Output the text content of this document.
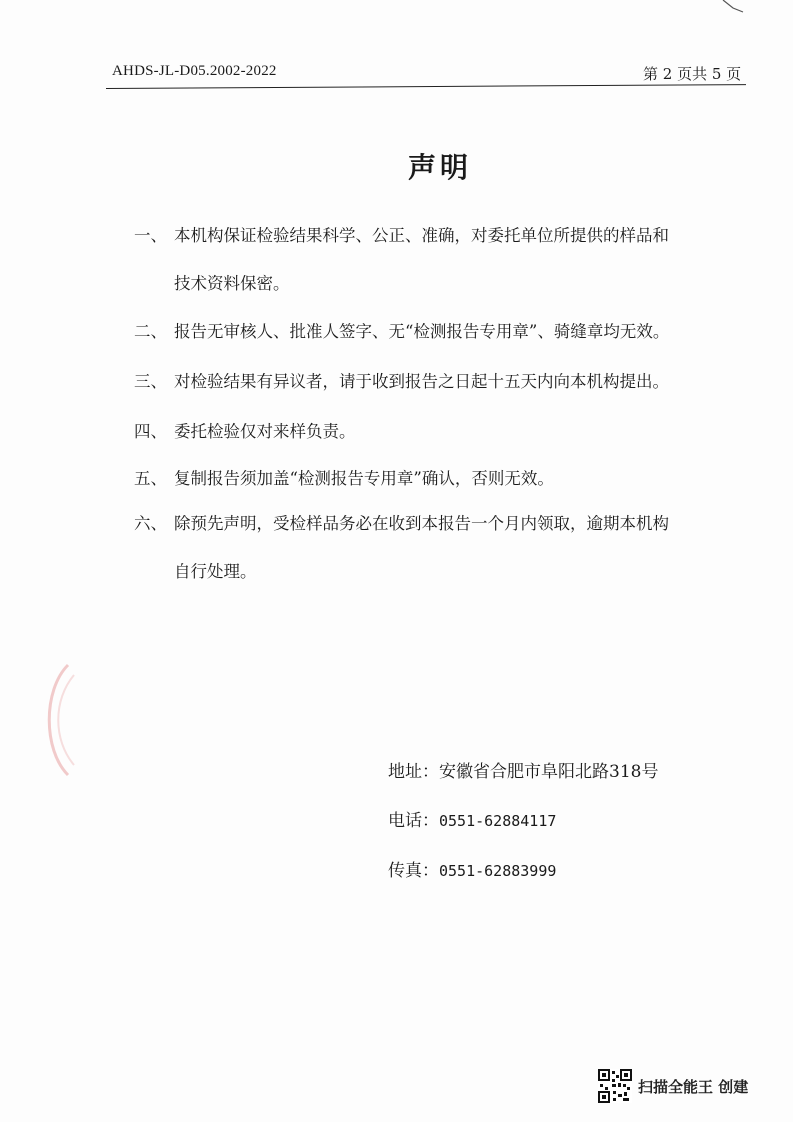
AHDS-JL-D05.2002-2022	第 2 页共 5 页
声明
一、 本机构保证检验结果科学、公正、准确，对委托单位所提供的样品和
技术资料保密。
二、 报告无审核人、批准人签字、无“检测报告专用章”、骑缝章均无效。
三、 对检验结果有异议者，请于收到报告之日起十五天内向本机构提出。
四、 委托检验仅对来样负责。
五、 复制报告须加盖“检测报告专用章”确认，否则无效。
六、 除预先声明，受检样品务必在收到本报告一个月内领取，逾期本机构
自行处理。
地址：安徽省合肥市阜阳北路318号
电话：0551-62884117
传真：0551-62883999
扫描全能王 创建
